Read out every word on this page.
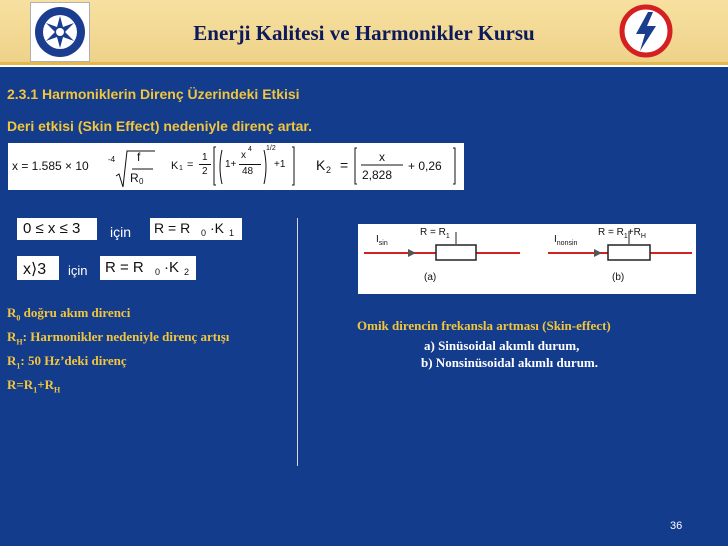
Enerji Kalitesi ve Harmonikler Kursu
2.3.1 Harmoniklerin Direnç Üzerindeki Etkisi
Deri etkisi (Skin Effect) nedeniyle direnç artar.
x = 1.585 × 10 -4 f
R 0
K 1 =
1
2
1+
x
4
48
1/2
+1 K 2 =	x
2,828
+ 0,26
0 ≤ x ≤ 3 için R = R 0 ·K 1
x⟩3 için R = R 0 ·K 2
$R_0$ doğru akım direnci
$R_H$: Harmonikler nedeniyle direnç artışı
$R_1$: 50 Hz’deki direnç
$R=R_1+R_H$
$I_{sin}$
$R = R_1$
(a)
$I_{nonsin}$
$R = R_1+R_H$
(b)
Omik direncin frekansla artması (Skin-effect)
a) Sinüsoidal akımlı durum,
b) Nonsinüsoidal akımlı durum.
36
